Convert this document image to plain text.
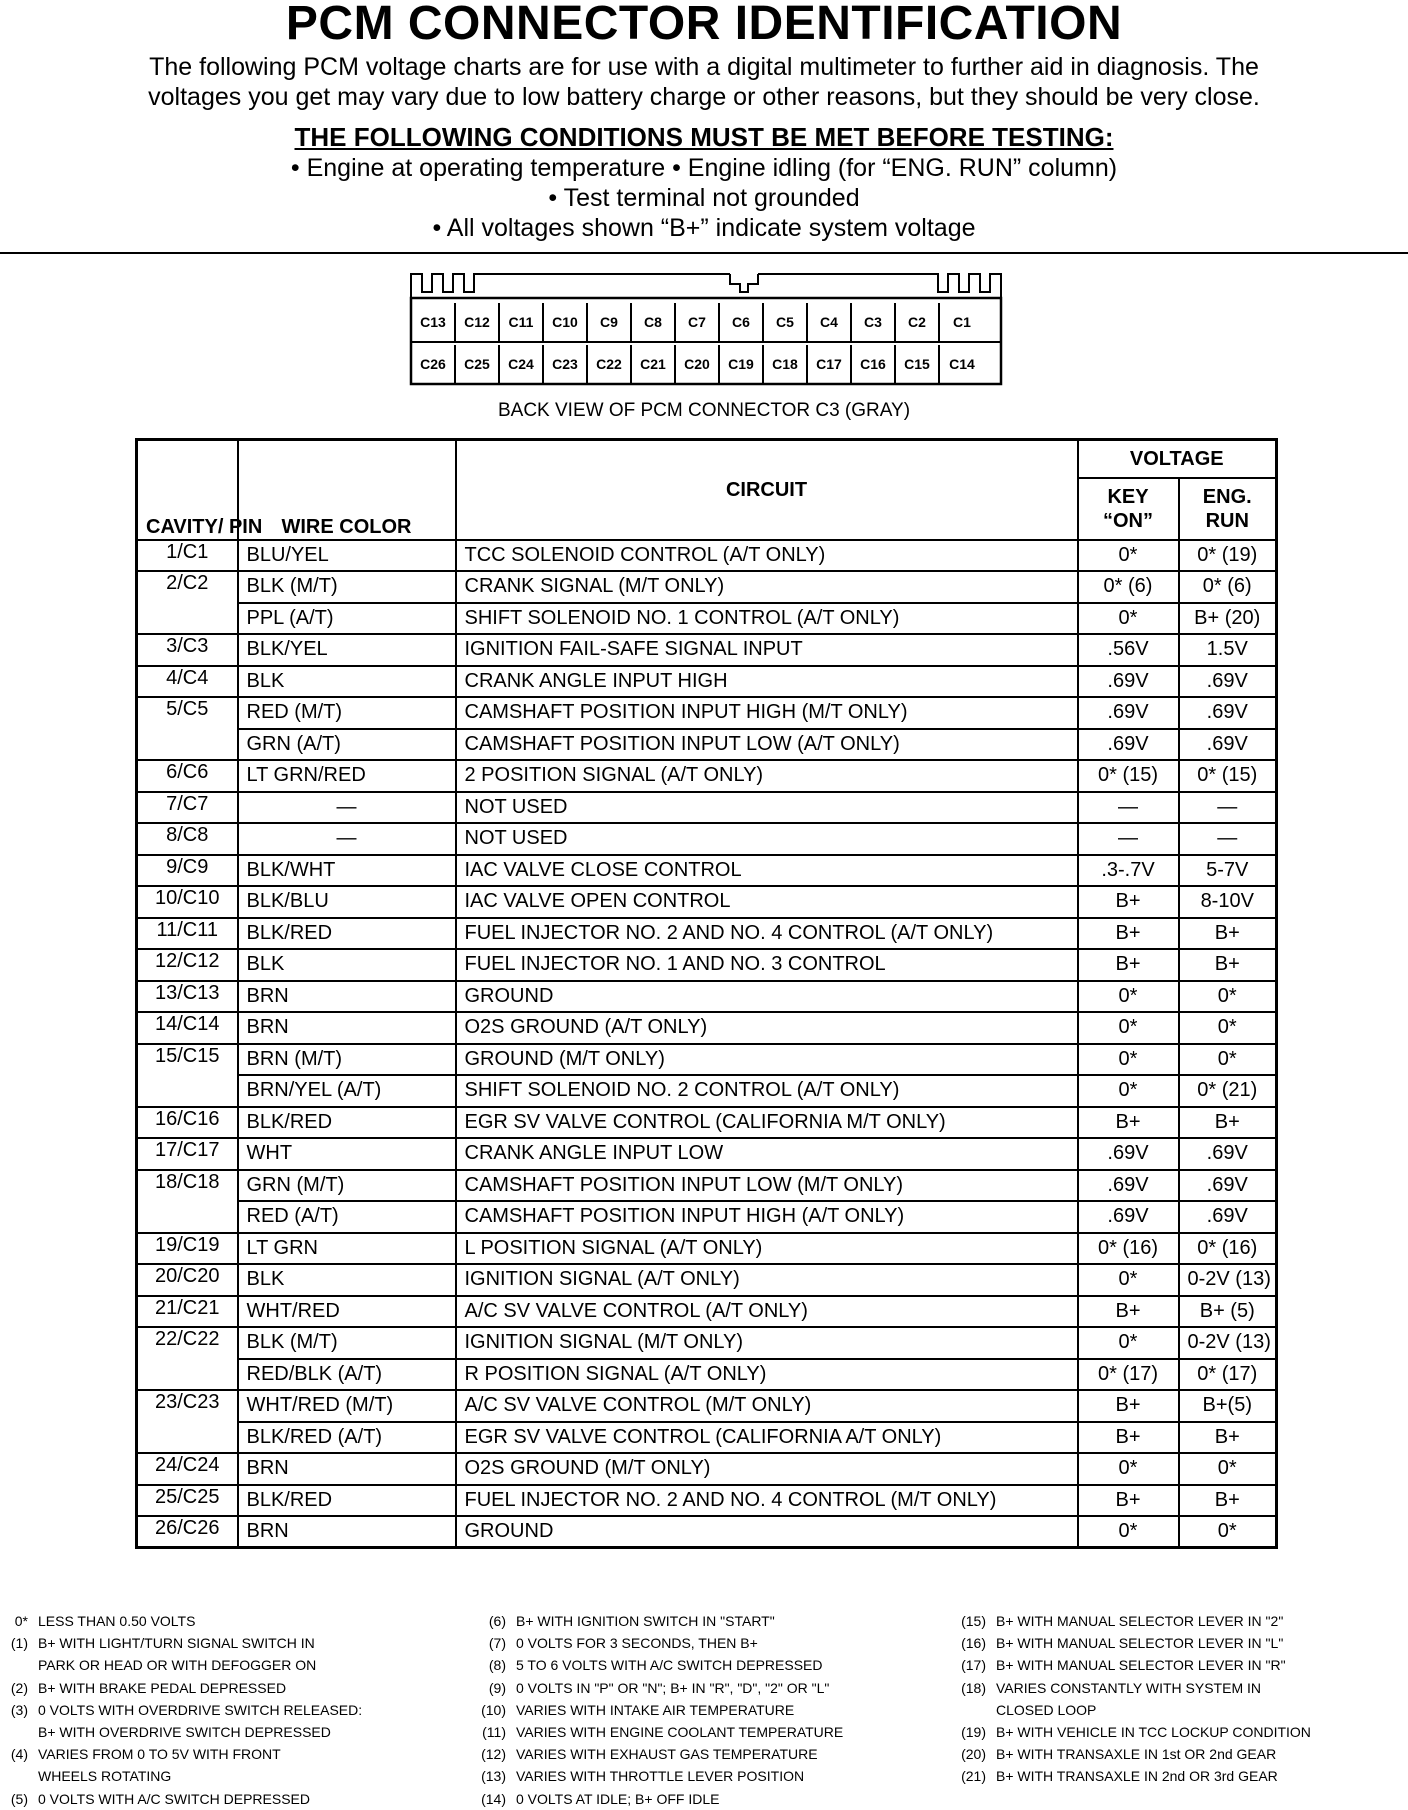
PCM CONNECTOR IDENTIFICATION
The following PCM voltage charts are for use with a digital multimeter to further aid in diagnosis. The
voltages you get may vary due to low battery charge or other reasons, but they should be very close.
THE FOLLOWING CONDITIONS MUST BE MET BEFORE TESTING:
• Engine at operating temperature • Engine idling (for “ENG. RUN” column)
• Test terminal not grounded
• All voltages shown “B+” indicate system voltage
C13	C12	C11	C10	C9	C8	C7	C6	C5	C4	C3	C2	C1
C26	C25	C24	C23	C22	C21	C20	C19	C18	C17	C16	C15	C14
BACK VIEW OF PCM CONNECTOR C3 (GRAY)
CAVITY/ PIN	WIRE COLOR	CIRCUIT	VOLTAGE	
			KEY “ON”	ENG. RUN
1/C1	BLU/YEL	TCC SOLENOID CONTROL (A/T ONLY)	0*	0* (19)
2/C2	BLK (M/T)	CRANK SIGNAL (M/T ONLY)	0* (6)	0* (6)
	PPL (A/T)	SHIFT SOLENOID NO. 1 CONTROL (A/T ONLY)	0*	B+ (20)
3/C3	BLK/YEL	IGNITION FAIL-SAFE SIGNAL INPUT	.56V	1.5V
4/C4	BLK	CRANK ANGLE INPUT HIGH	.69V	.69V
5/C5	RED (M/T)	CAMSHAFT POSITION INPUT HIGH (M/T ONLY)	.69V	.69V
	GRN (A/T)	CAMSHAFT POSITION INPUT LOW (A/T ONLY)	.69V	.69V
6/C6	LT GRN/RED	2 POSITION SIGNAL (A/T ONLY)	0* (15)	0* (15)
7/C7	—	NOT USED	—	—
8/C8	—	NOT USED	—	—
9/C9	BLK/WHT	IAC VALVE CLOSE CONTROL	.3-.7V	5-7V
10/C10	BLK/BLU	IAC VALVE OPEN CONTROL	B+	8-10V
11/C11	BLK/RED	FUEL INJECTOR NO. 2 AND NO. 4 CONTROL (A/T ONLY)	B+	B+
12/C12	BLK	FUEL INJECTOR NO. 1 AND NO. 3 CONTROL	B+	B+
13/C13	BRN	GROUND	0*	0*
14/C14	BRN	O2S GROUND (A/T ONLY)	0*	0*
15/C15	BRN (M/T)	GROUND (M/T ONLY)	0*	0*
	BRN/YEL (A/T)	SHIFT SOLENOID NO. 2 CONTROL (A/T ONLY)	0*	0* (21)
16/C16	BLK/RED	EGR SV VALVE CONTROL (CALIFORNIA M/T ONLY)	B+	B+
17/C17	WHT	CRANK ANGLE INPUT LOW	.69V	.69V
18/C18	GRN (M/T)	CAMSHAFT POSITION INPUT LOW (M/T ONLY)	.69V	.69V
	RED (A/T)	CAMSHAFT POSITION INPUT HIGH (A/T ONLY)	.69V	.69V
19/C19	LT GRN	L POSITION SIGNAL (A/T ONLY)	0* (16)	0* (16)
20/C20	BLK	IGNITION SIGNAL (A/T ONLY)	0*	0-2V (13)
21/C21	WHT/RED	A/C SV VALVE CONTROL (A/T ONLY)	B+	B+ (5)
22/C22	BLK (M/T)	IGNITION SIGNAL (M/T ONLY)	0*	0-2V (13)
	RED/BLK (A/T)	R POSITION SIGNAL (A/T ONLY)	0* (17)	0* (17)
23/C23	WHT/RED (M/T)	A/C SV VALVE CONTROL (M/T ONLY)	B+	B+(5)
	BLK/RED (A/T)	EGR SV VALVE CONTROL (CALIFORNIA A/T ONLY)	B+	B+
24/C24	BRN	O2S GROUND (M/T ONLY)	0*	0*
25/C25	BLK/RED	FUEL INJECTOR NO. 2 AND NO. 4 CONTROL (M/T ONLY)	B+	B+
26/C26	BRN	GROUND	0*	0*
0* LESS THAN 0.50 VOLTS
(1) B+ WITH LIGHT/TURN SIGNAL SWITCH IN
PARK OR HEAD OR WITH DEFOGGER ON
(2) B+ WITH BRAKE PEDAL DEPRESSED
(3) 0 VOLTS WITH OVERDRIVE SWITCH RELEASED:
B+ WITH OVERDRIVE SWITCH DEPRESSED
(4) VARIES FROM 0 TO 5V WITH FRONT
WHEELS ROTATING
(5) 0 VOLTS WITH A/C SWITCH DEPRESSED
(6) B+ WITH IGNITION SWITCH IN "START"
(7) 0 VOLTS FOR 3 SECONDS, THEN B+
(8) 5 TO 6 VOLTS WITH A/C SWITCH DEPRESSED
(9) 0 VOLTS IN "P" OR "N"; B+ IN "R", "D", "2" OR "L"
(10) VARIES WITH INTAKE AIR TEMPERATURE
(11) VARIES WITH ENGINE COOLANT TEMPERATURE
(12) VARIES WITH EXHAUST GAS TEMPERATURE
(13) VARIES WITH THROTTLE LEVER POSITION
(14) 0 VOLTS AT IDLE; B+ OFF IDLE
(15) B+ WITH MANUAL SELECTOR LEVER IN "2"
(16) B+ WITH MANUAL SELECTOR LEVER IN "L"
(17) B+ WITH MANUAL SELECTOR LEVER IN "R"
(18) VARIES CONSTANTLY WITH SYSTEM IN
CLOSED LOOP
(19) B+ WITH VEHICLE IN TCC LOCKUP CONDITION
(20) B+ WITH TRANSAXLE IN 1st OR 2nd GEAR
(21) B+ WITH TRANSAXLE IN 2nd OR 3rd GEAR
